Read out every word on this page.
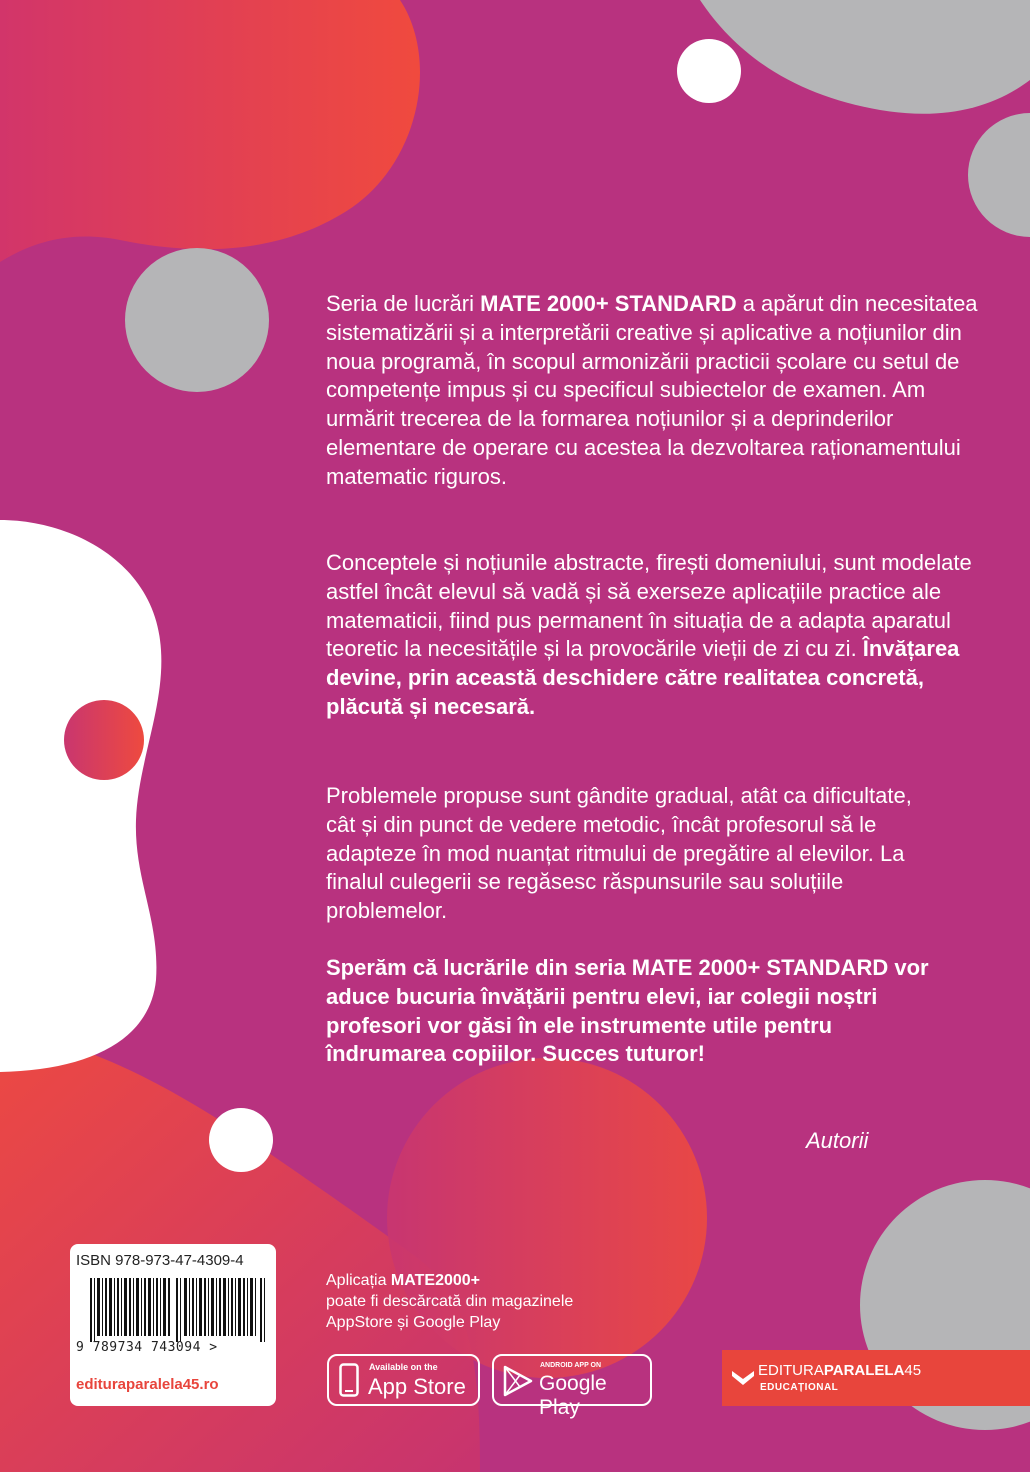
Seria de lucrări MATE 2000+ STANDARD a apărut din necesitatea sistematizării și a interpretării creative și aplicative a noțiunilor din noua programă, în scopul armonizării practicii școlare cu setul de competențe impus și cu specificul subiectelor de examen. Am urmărit trecerea de la formarea noțiunilor și a deprinderilor elementare de operare cu acestea la dezvoltarea raționamentului matematic riguros.

Conceptele și noțiunile abstracte, firești domeniului, sunt modelate astfel încât elevul să vadă și să exerseze aplicațiile practice ale matematicii, fiind pus permanent în situația de a adapta aparatul teoretic la necesitățile și la provocările vieții de zi cu zi. Învățarea devine, prin această deschidere către realitatea concretă, plăcută și necesară.

Problemele propuse sunt gândite gradual, atât ca dificultate, cât și din punct de vedere metodic, încât profesorul să le adapteze în mod nuanțat ritmului de pregătire al elevilor. La finalul culegerii se regăsesc răspunsurile sau soluțiile problemelor.

Sperăm că lucrările din seria MATE 2000+ STANDARD vor aduce bucuria învățării pentru elevi, iar colegii noștri profesori vor găsi în ele instrumente utile pentru îndrumarea copiilor. Succes tuturor!

Autorii
ISBN 978-973-47-4309-4
9 789734 743094 >
editurаparalela45.ro
Aplicația MATE2000+
poate fi descărcată din magazinele
AppStore și Google Play
Available on the
App Store
ANDROID APP ON
Google Play
EDITURAPARALELA45
EDUCAȚIONAL
